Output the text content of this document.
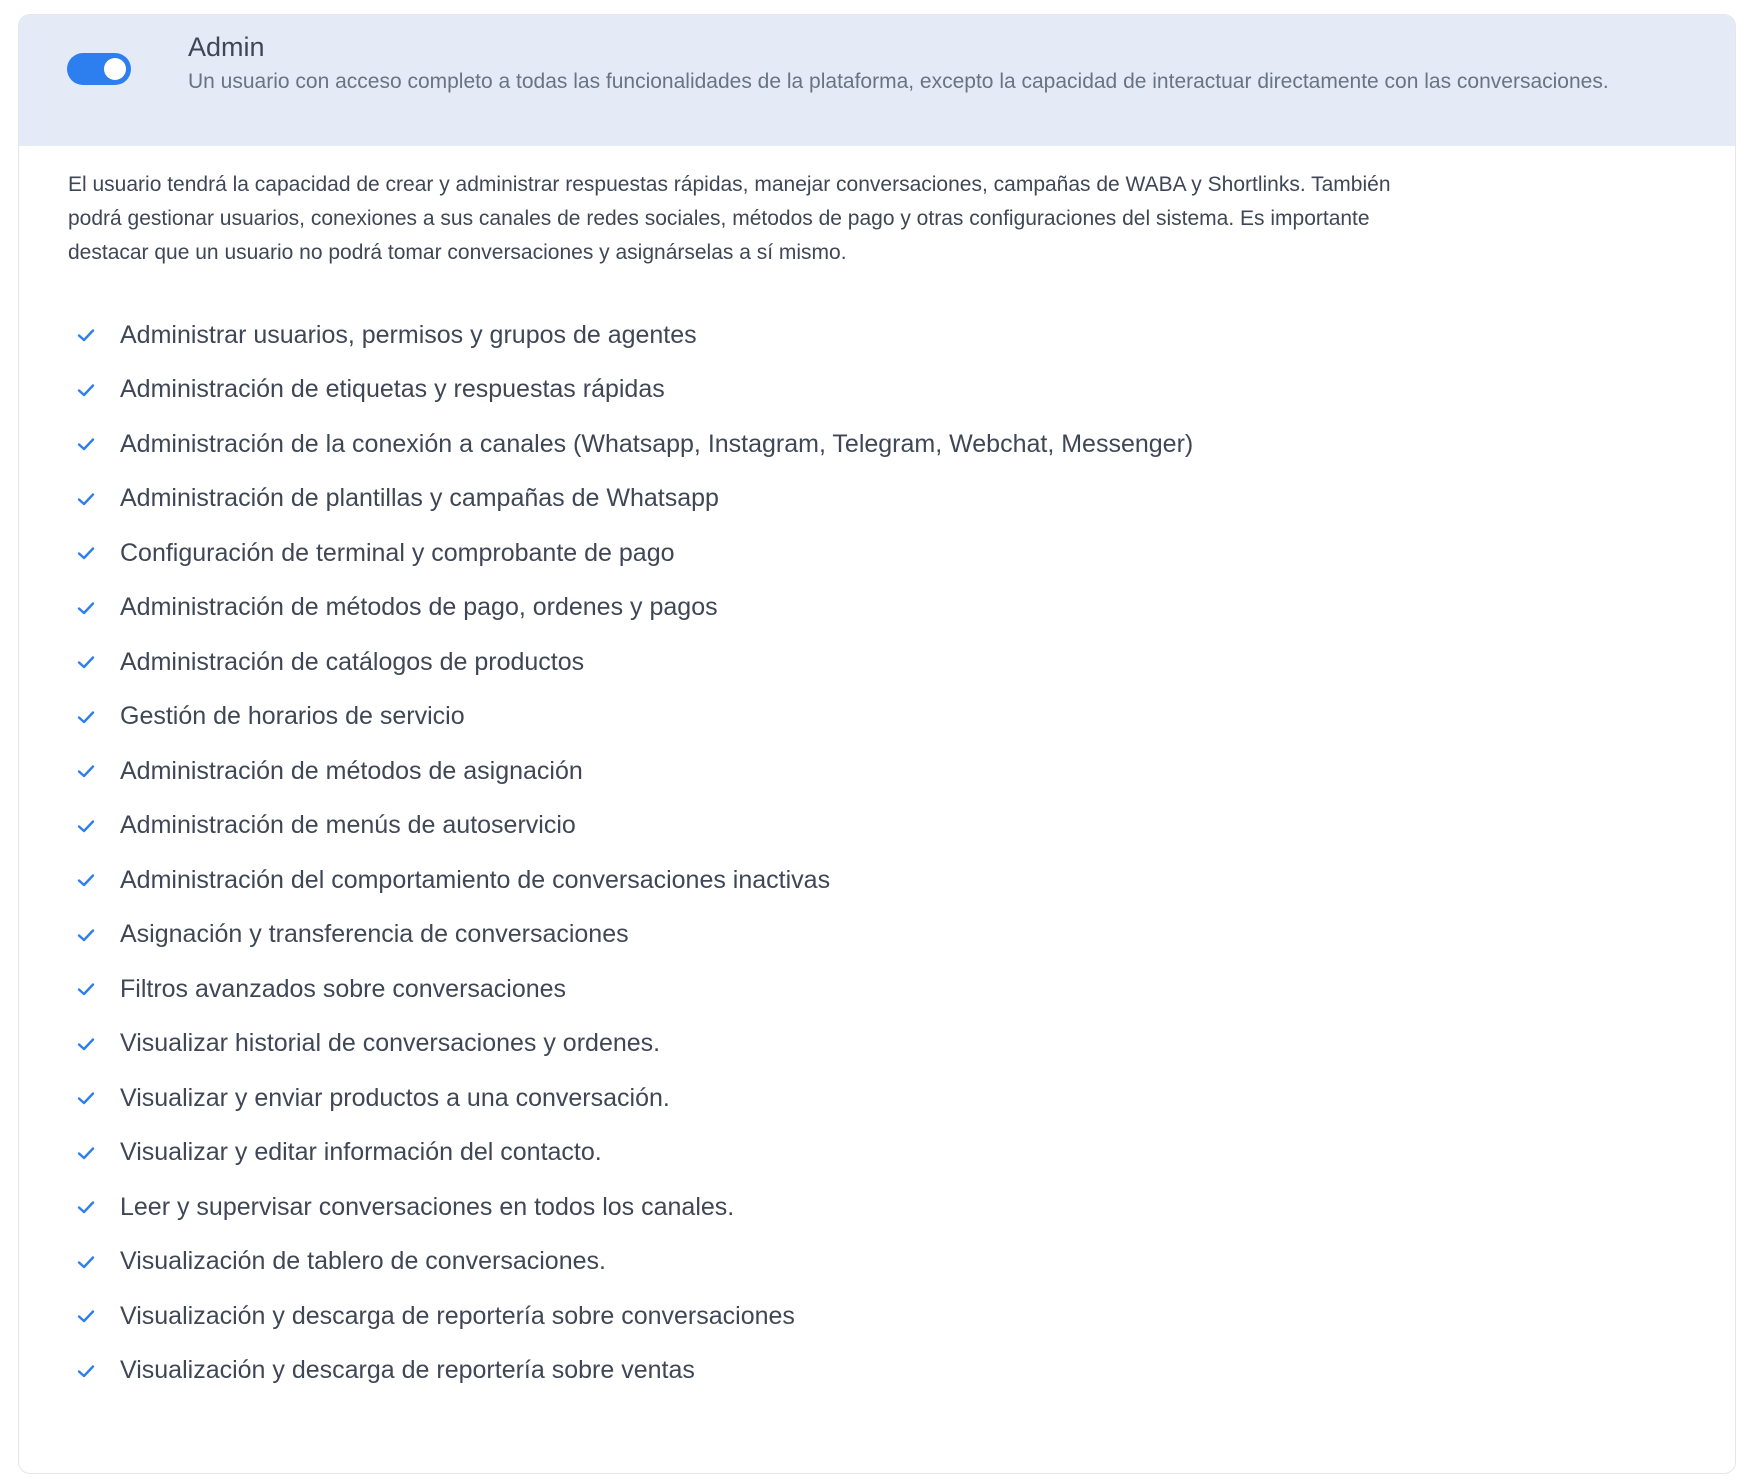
Admin
Un usuario con acceso completo a todas las funcionalidades de la plataforma, excepto la capacidad de interactuar directamente con las conversaciones.
El usuario tendrá la capacidad de crear y administrar respuestas rápidas, manejar conversaciones, campañas de WABA y Shortlinks. También podrá gestionar usuarios, conexiones a sus canales de redes sociales, métodos de pago y otras configuraciones del sistema. Es importante destacar que un usuario no podrá tomar conversaciones y asignárselas a sí mismo.
Administrar usuarios, permisos y grupos de agentes
Administración de etiquetas y respuestas rápidas
Administración de la conexión a canales (Whatsapp, Instagram, Telegram, Webchat, Messenger)
Administración de plantillas y campañas de Whatsapp
Configuración de terminal y comprobante de pago
Administración de métodos de pago, ordenes y pagos
Administración de catálogos de productos
Gestión de horarios de servicio
Administración de métodos de asignación
Administración de menús de autoservicio
Administración del comportamiento de conversaciones inactivas
Asignación y transferencia de conversaciones
Filtros avanzados sobre conversaciones
Visualizar historial de conversaciones y ordenes.
Visualizar y enviar productos a una conversación.
Visualizar y editar información del contacto.
Leer y supervisar conversaciones en todos los canales.
Visualización de tablero de conversaciones.
Visualización y descarga de reportería sobre conversaciones
Visualización y descarga de reportería sobre ventas
